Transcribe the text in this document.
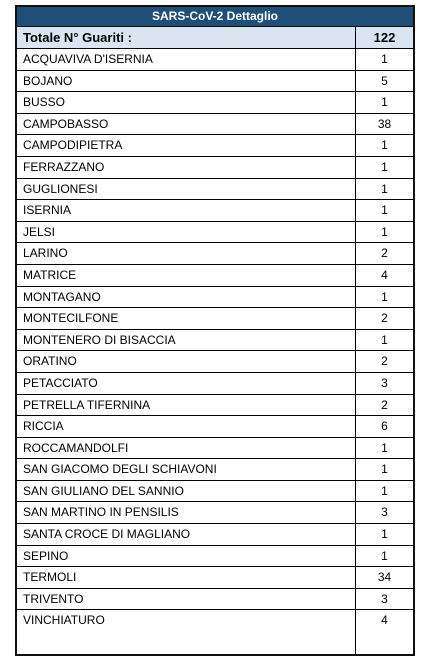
SARS-CoV-2 Dettaglio
Totale N° Guariti :	122
ACQUAVIVA D'ISERNIA	1
BOJANO	5
BUSSO	1
CAMPOBASSO	38
CAMPODIPIETRA	1
FERRAZZANO	1
GUGLIONESI	1
ISERNIA	1
JELSI	1
LARINO	2
MATRICE	4
MONTAGANO	1
MONTECILFONE	2
MONTENERO DI BISACCIA	1
ORATINO	2
PETACCIATO	3
PETRELLA TIFERNINA	2
RICCIA	6
ROCCAMANDOLFI	1
SAN GIACOMO DEGLI SCHIAVONI	1
SAN GIULIANO DEL SANNIO	1
SAN MARTINO IN PENSILIS	3
SANTA CROCE DI MAGLIANO	1
SEPINO	1
TERMOLI	34
TRIVENTO	3
VINCHIATURO	4
